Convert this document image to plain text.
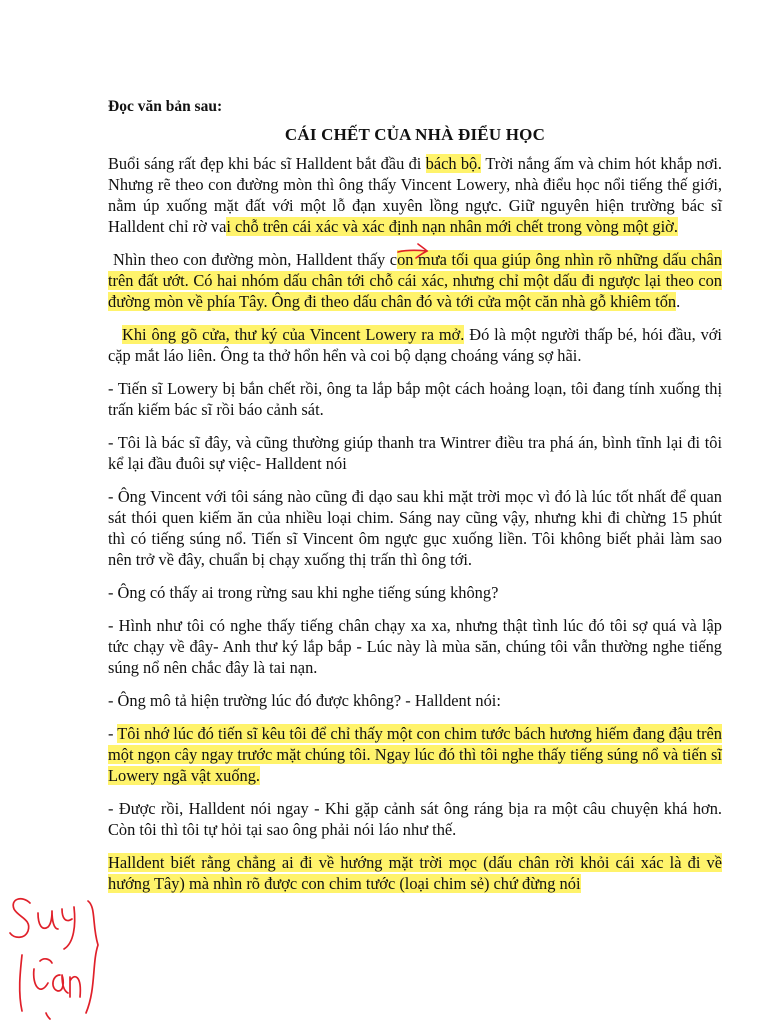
Đọc văn bản sau:
CÁI CHẾT CỦA NHÀ ĐIỂU HỌC

Buổi sáng rất đẹp khi bác sĩ Halldent bắt đầu đi bách bộ. Trời nắng ấm và chim hót khắp nơi. Nhưng rẽ theo con đường mòn thì ông thấy Vincent Lowery, nhà điểu học nổi tiếng thế giới, nằm úp xuống mặt đất với một lỗ đạn xuyên lồng ngực. Giữ nguyên hiện trường bác sĩ Halldent chỉ rờ vai chỗ trên cái xác và xác định nạn nhân mới chết trong vòng một giờ.

Nhìn theo con đường mòn, Halldent thấy con mưa tối qua giúp ông nhìn rõ những dấu chân trên đất ướt. Có hai nhóm dấu chân tới chỗ cái xác, nhưng chỉ một dấu đi ngược lại theo con đường mòn về phía Tây. Ông đi theo dấu chân đó và tới cửa một căn nhà gỗ khiêm tốn.

Khi ông gõ cửa, thư ký của Vincent Lowery ra mở. Đó là một người thấp bé, hói đầu, với cặp mắt láo liên. Ông ta thở hổn hển và coi bộ dạng choáng váng sợ hãi.

- Tiến sĩ Lowery bị bắn chết rồi, ông ta lắp bắp một cách hoảng loạn, tôi đang tính xuống thị trấn kiếm bác sĩ rồi báo cảnh sát.

- Tôi là bác sĩ đây, và cũng thường giúp thanh tra Wintrer điều tra phá án, bình tĩnh lại đi tôi kể lại đầu đuôi sự việc- Halldent nói

- Ông Vincent với tôi sáng nào cũng đi dạo sau khi mặt trời mọc vì đó là lúc tốt nhất để quan sát thói quen kiếm ăn của nhiều loại chim. Sáng nay cũng vậy, nhưng khi đi chừng 15 phút thì có tiếng súng nổ. Tiến sĩ Vincent ôm ngực gục xuống liền. Tôi không biết phải làm sao nên trở về đây, chuẩn bị chạy xuống thị trấn thì ông tới.

- Ông có thấy ai trong rừng sau khi nghe tiếng súng không?

- Hình như tôi có nghe thấy tiếng chân chạy xa xa, nhưng thật tình lúc đó tôi sợ quá và lập tức chạy về đây- Anh thư ký lắp bắp - Lúc này là mùa săn, chúng tôi vẫn thường nghe tiếng súng nổ nên chắc đây là tai nạn.

- Ông mô tả hiện trường lúc đó được không? - Halldent nói:

- Tôi nhớ lúc đó tiến sĩ kêu tôi để chỉ thấy một con chim tước bách hương hiếm đang đậu trên một ngọn cây ngay trước mặt chúng tôi. Ngay lúc đó thì tôi nghe thấy tiếng súng nổ và tiến sĩ Lowery ngã vật xuống.

- Được rồi, Halldent nói ngay - Khi gặp cảnh sát ông ráng bịa ra một câu chuyện khá hơn. Còn tôi thì tôi tự hỏi tại sao ông phải nói láo như thế.

Halldent biết rằng chẳng ai đi về hướng mặt trời mọc (dấu chân rời khỏi cái xác là đi về hướng Tây) mà nhìn rõ được con chim tước (loại chim sẻ) chứ đừng nói
